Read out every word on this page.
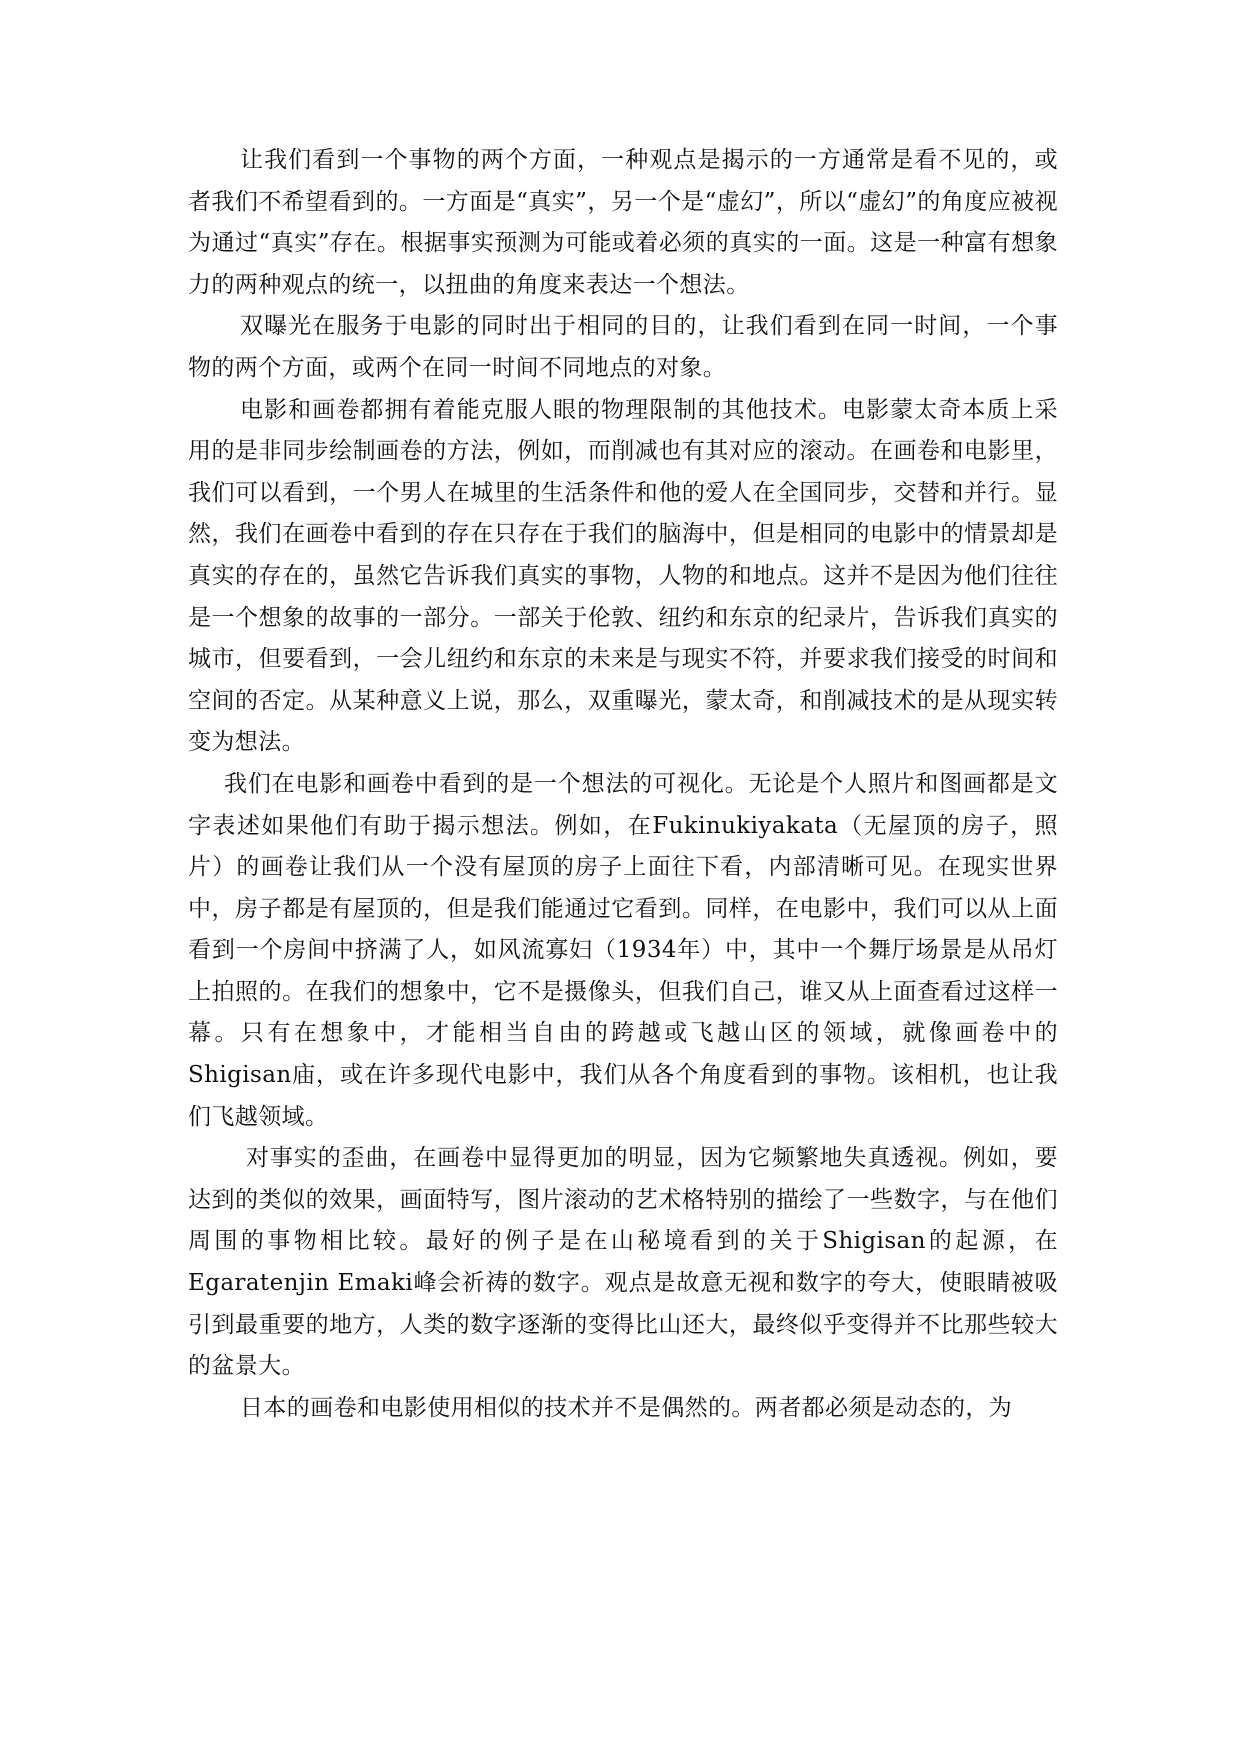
让我们看到一个事物的两个方面，一种观点是揭示的一方通常是看不见的，或者我们不希望看到的。一方面是“真实”，另一个是“虚幻”，所以“虚幻”的角度应被视为通过“真实”存在。根据事实预测为可能或着必须的真实的一面。这是一种富有想象力的两种观点的统一，以扭曲的角度来表达一个想法。

双曝光在服务于电影的同时出于相同的目的，让我们看到在同一时间，一个事物的两个方面，或两个在同一时间不同地点的对象。

电影和画卷都拥有着能克服人眼的物理限制的其他技术。电影蒙太奇本质上采用的是非同步绘制画卷的方法，例如，而削减也有其对应的滚动。在画卷和电影里，我们可以看到，一个男人在城里的生活条件和他的爱人在全国同步，交替和并行。显然，我们在画卷中看到的存在只存在于我们的脑海中，但是相同的电影中的情景却是真实的存在的，虽然它告诉我们真实的事物，人物的和地点。这并不是因为他们往往是一个想象的故事的一部分。一部关于伦敦、纽约和东京的纪录片，告诉我们真实的城市，但要看到，一会儿纽约和东京的未来是与现实不符，并要求我们接受的时间和空间的否定。从某种意义上说，那么，双重曝光，蒙太奇，和削减技术的是从现实转变为想法。

我们在电影和画卷中看到的是一个想法的可视化。无论是个人照片和图画都是文字表述如果他们有助于揭示想法。例如，在Fukinukiyakata（无屋顶的房子，照片）的画卷让我们从一个没有屋顶的房子上面往下看，内部清晰可见。在现实世界中，房子都是有屋顶的，但是我们能通过它看到。同样，在电影中，我们可以从上面看到一个房间中挤满了人，如风流寡妇（1934年）中，其中一个舞厅场景是从吊灯上拍照的。在我们的想象中，它不是摄像头，但我们自己，谁又从上面查看过这样一幕。只有在想象中，才能相当自由的跨越或飞越山区的领域，就像画卷中的Shigisan庙，或在许多现代电影中，我们从各个角度看到的事物。该相机，也让我们飞越领域。

对事实的歪曲，在画卷中显得更加的明显，因为它频繁地失真透视。例如，要达到的类似的效果，画面特写，图片滚动的艺术格特别的描绘了一些数字，与在他们周围的事物相比较。最好的例子是在山秘境看到的关于Shigisan的起源，在Egaratenjin Emaki峰会祈祷的数字。观点是故意无视和数字的夸大，使眼睛被吸引到最重要的地方，人类的数字逐渐的变得比山还大，最终似乎变得并不比那些较大的盆景大。

日本的画卷和电影使用相似的技术并不是偶然的。两者都必须是动态的，为
